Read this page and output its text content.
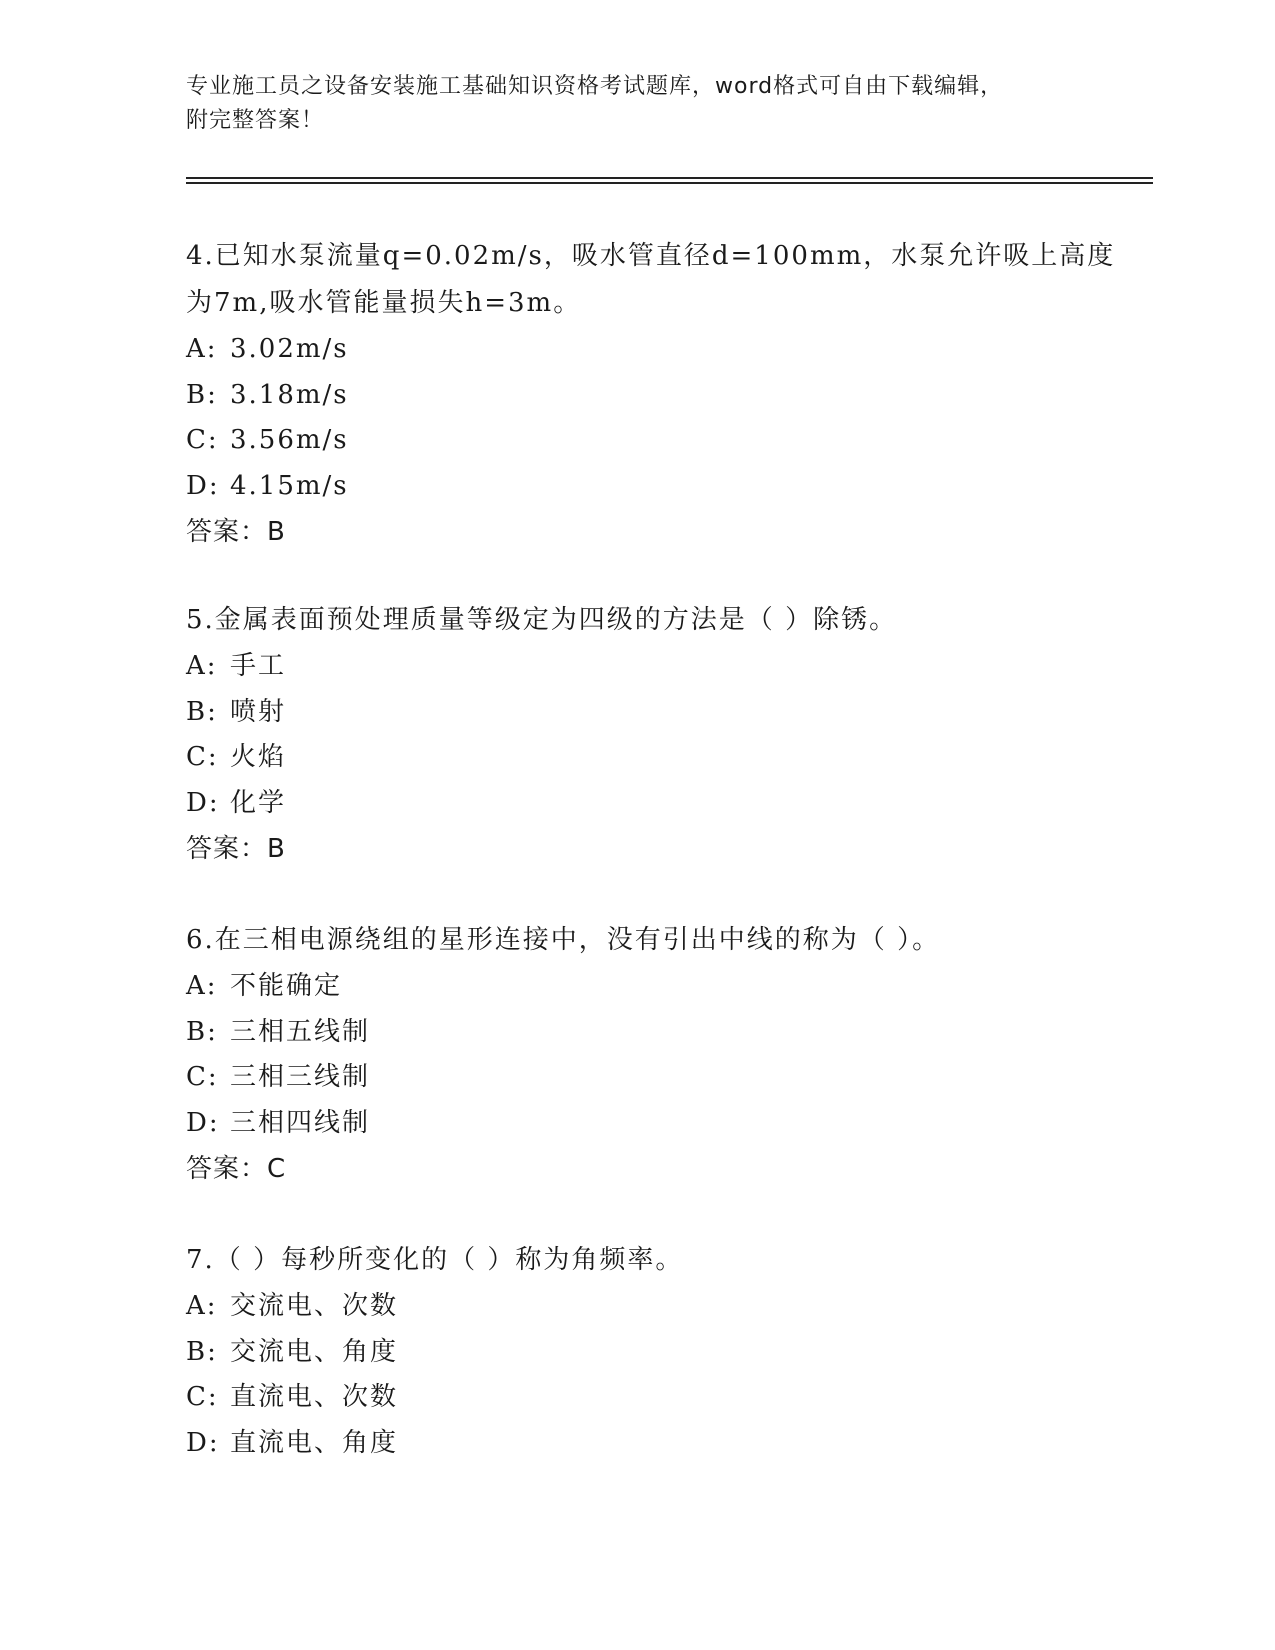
专业施工员之设备安装施工基础知识资格考试题库，word格式可自由下载编辑，
附完整答案！
4.已知水泵流量q=0.02m/s，吸水管直径d=100mm，水泵允许吸上高度
为7m,吸水管能量损失h=3m。
A: 3.02m/s
B: 3.18m/s
C: 3.56m/s
D: 4.15m/s
答案：B
5.金属表面预处理质量等级定为四级的方法是（ ）除锈。
A: 手工
B: 喷射
C: 火焰
D: 化学
答案：B
6.在三相电源绕组的星形连接中，没有引出中线的称为（ ）。
A: 不能确定
B: 三相五线制
C: 三相三线制
D: 三相四线制
答案：C
7.（ ）每秒所变化的（ ）称为角频率。
A: 交流电、次数
B: 交流电、角度
C: 直流电、次数
D: 直流电、角度
